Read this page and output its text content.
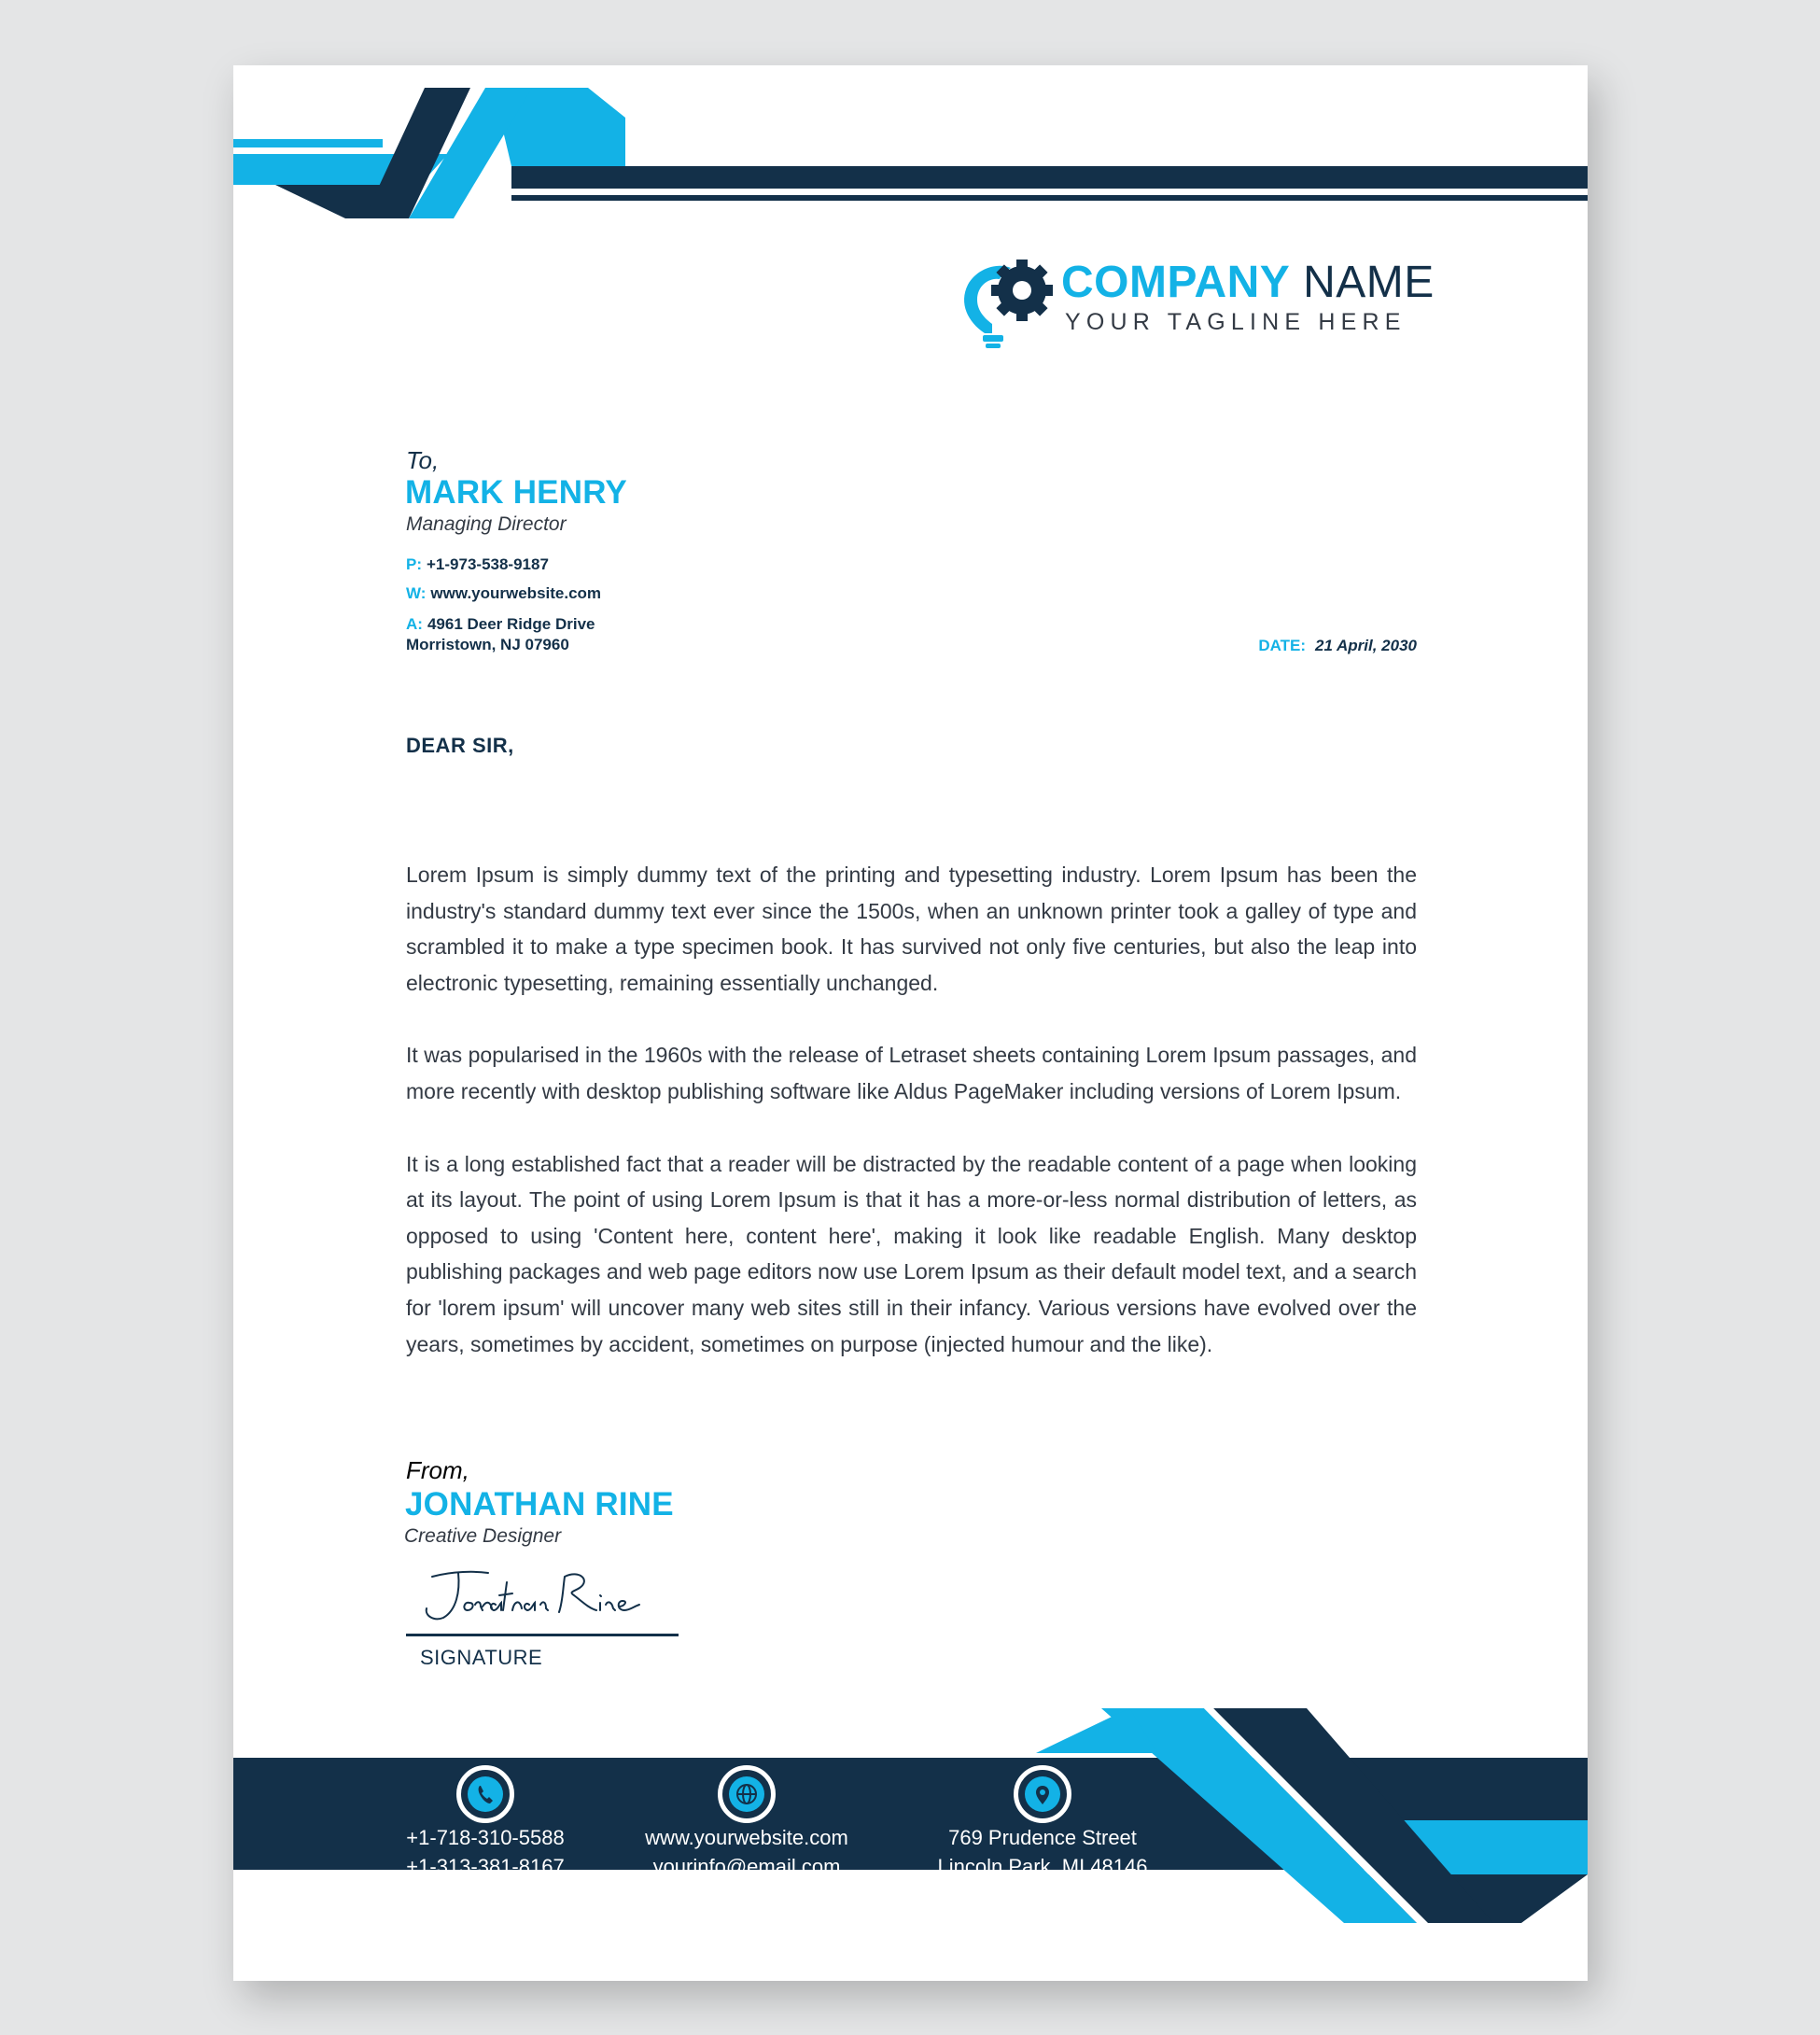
COMPANY NAME
YOUR TAGLINE HERE
To,
MARK HENRY
Managing Director
P: +1-973-538-9187
W: www.yourwebsite.com
A: 4961 Deer Ridge Drive
Morristown, NJ 07960	DATE: 21 April, 2030
DEAR SIR,

Lorem Ipsum is simply dummy text of the printing and typesetting industry. Lorem Ipsum has been the industry's standard dummy text ever since the 1500s, when an unknown printer took a galley of type and scrambled it to make a type specimen book. It has survived not only five centuries, but also the leap into electronic typesetting, remaining essentially unchanged.

It was popularised in the 1960s with the release of Letraset sheets containing Lorem Ipsum passages, and more recently with desktop publishing software like Aldus PageMaker including versions of Lorem Ipsum.

It is a long established fact that a reader will be distracted by the readable content of a page when looking at its layout. The point of using Lorem Ipsum is that it has a more-or-less normal distribution of letters, as opposed to using 'Content here, content here', making it look like readable English. Many desktop publishing packages and web page editors now use Lorem Ipsum as their default model text, and a search for 'lorem ipsum' will uncover many web sites still in their infancy. Various versions have evolved over the years, sometimes by accident, sometimes on purpose (injected humour and the like).

From,
JONATHAN RINE
Creative Designer
SIGNATURE
+1-718-310-5588
+1-313-381-8167
www.yourwebsite.com
yourinfo@email.com
769 Prudence Street
Lincoln Park, MI 48146
